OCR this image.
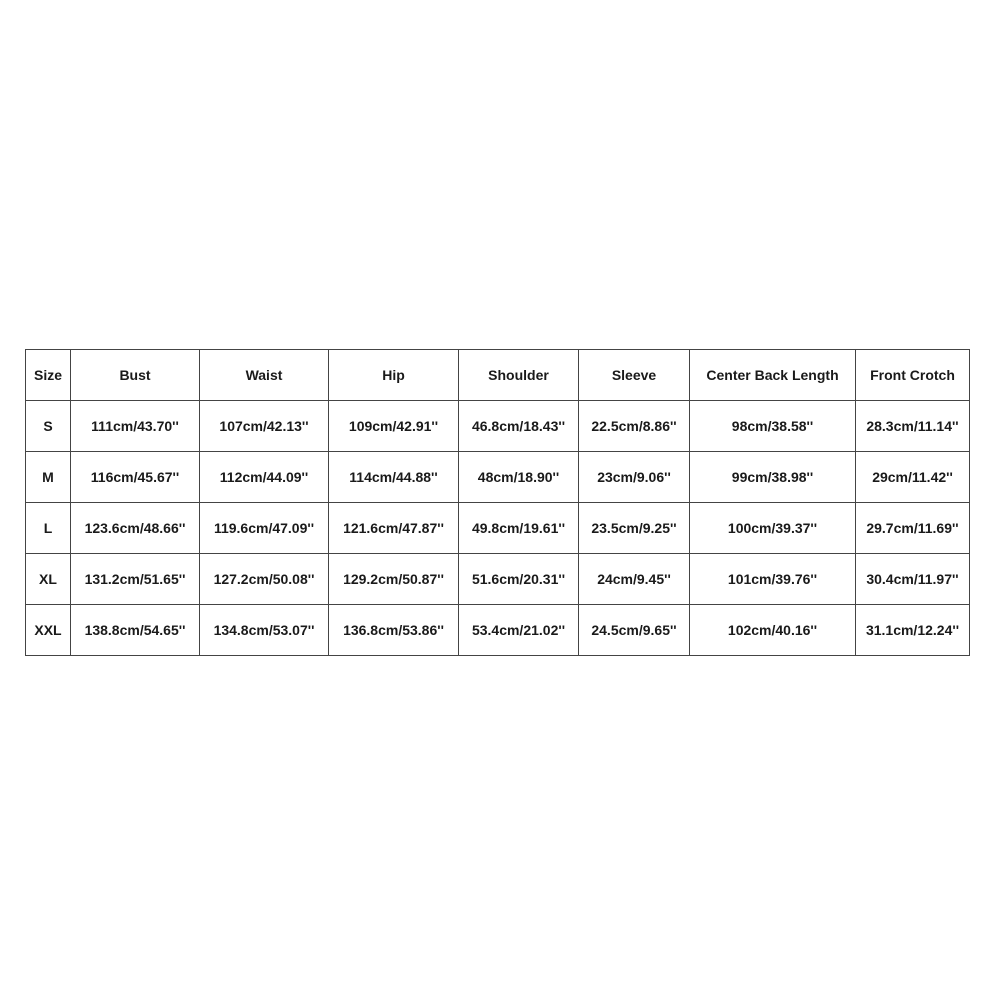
Size	Bust	Waist	Hip	Shoulder	Sleeve	Center Back Length	Front Crotch
S	111cm/43.70''	107cm/42.13''	109cm/42.91''	46.8cm/18.43''	22.5cm/8.86''	98cm/38.58''	28.3cm/11.14''
M	116cm/45.67''	112cm/44.09''	114cm/44.88''	48cm/18.90''	23cm/9.06''	99cm/38.98''	29cm/11.42''
L	123.6cm/48.66''	119.6cm/47.09''	121.6cm/47.87''	49.8cm/19.61''	23.5cm/9.25''	100cm/39.37''	29.7cm/11.69''
XL	131.2cm/51.65''	127.2cm/50.08''	129.2cm/50.87''	51.6cm/20.31''	24cm/9.45''	101cm/39.76''	30.4cm/11.97''
XXL	138.8cm/54.65''	134.8cm/53.07''	136.8cm/53.86''	53.4cm/21.02''	24.5cm/9.65''	102cm/40.16''	31.1cm/12.24''
